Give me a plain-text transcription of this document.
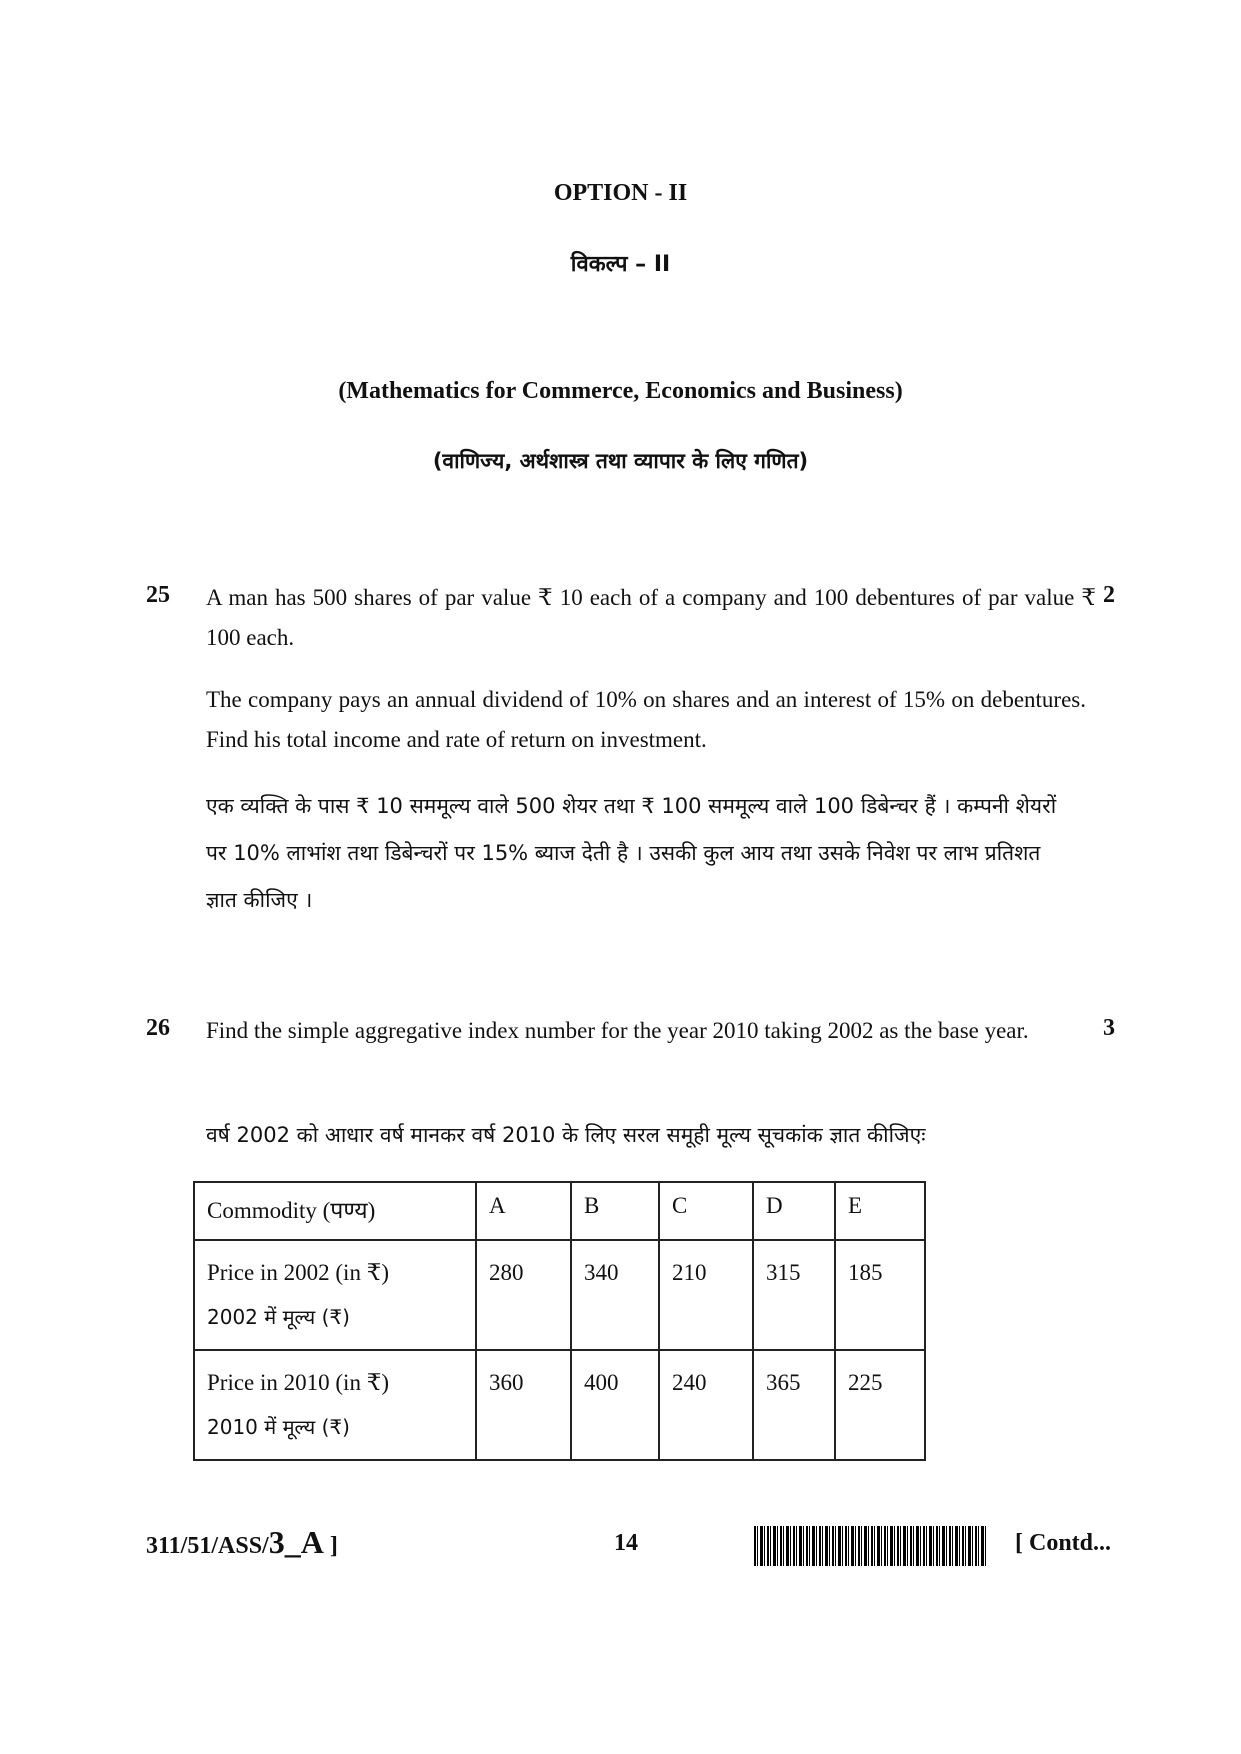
OPTION - II
विकल्प – II
(Mathematics for Commerce, Economics and Business)
(वाणिज्य, अर्थशास्त्र तथा व्यापार के लिए गणित)
25	2
A man has 500 shares of par value ₹ 10 each of a company and 100 debentures of par value ₹ 100 each.
The company pays an annual dividend of 10% on shares and an interest of 15% on debentures. Find his total income and rate of return on investment.
एक व्यक्ति के पास ₹ 10 सममूल्य वाले 500 शेयर तथा ₹ 100 सममूल्य वाले 100 डिबेन्चर हैं । कम्पनी शेयरों पर 10% लाभांश तथा डिबेन्चरों पर 15% ब्याज देती है । उसकी कुल आय तथा उसके निवेश पर लाभ प्रतिशत ज्ञात कीजिए ।
26	3
Find the simple aggregative index number for the year 2010 taking 2002 as the base year.
वर्ष 2002 को आधार वर्ष मानकर वर्ष 2010 के लिए सरल समूही मूल्य सूचकांक ज्ञात कीजिएः
Commodity (पण्य)	A	B	C	D	E

Price in 2002 (in ₹)
2002 में मूल्य (₹)	280	340	210	315	185

Price in 2010 (in ₹)
2010 में मूल्य (₹)	360	400	240	365	225
311/51/ASS/3_A ]	14	[ Contd...
